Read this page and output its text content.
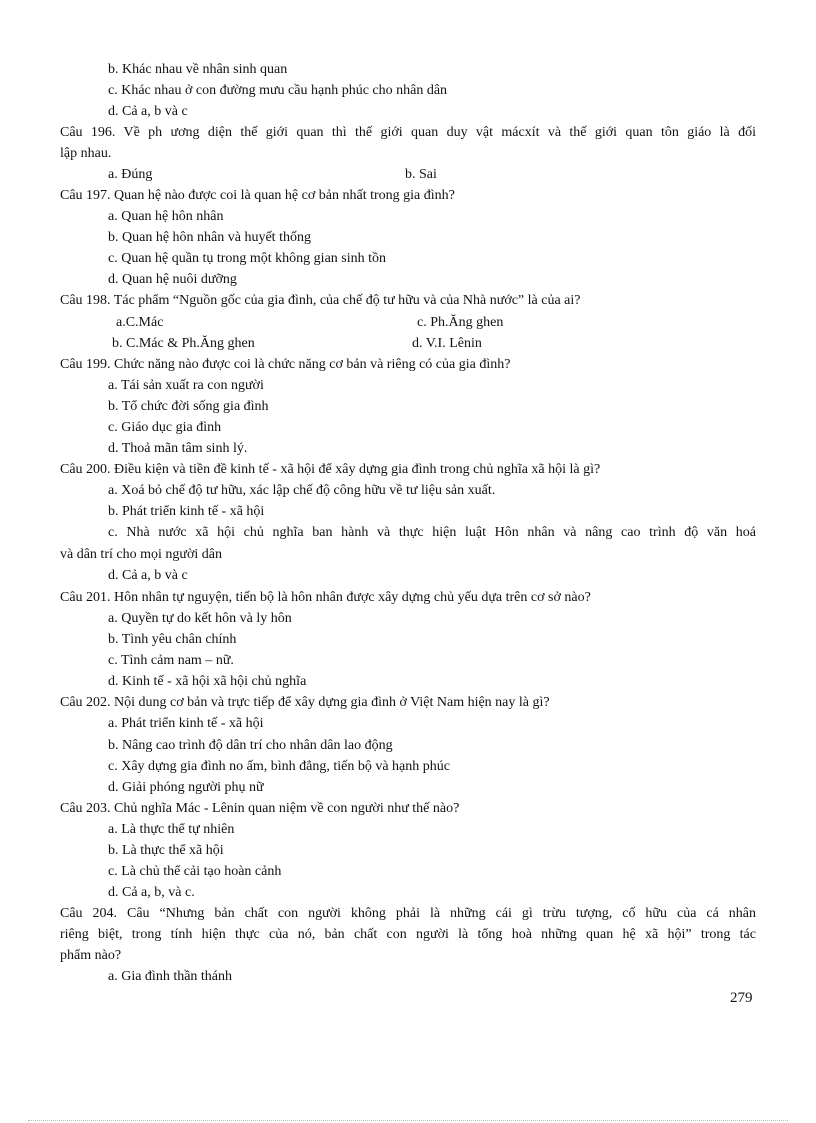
b. Khác nhau về nhân sinh quan
c. Khác nhau ở con đường mưu cầu hạnh phúc cho nhân dân
d. Cả a, b và c
Câu 196. Về ph ương diện thế giới quan thì thế giới quan duy vật mácxít và thế giới quan tôn giáo là đối
lập nhau.
a. Đúng	b. Sai
Câu 197. Quan hệ nào được coi là quan hệ cơ bản nhất trong gia đình?
a. Quan hệ hôn nhân
b. Quan hệ hôn nhân và huyết thống
c. Quan hệ quần tụ trong một không gian sinh tồn
d. Quan hệ nuôi dưỡng
Câu 198. Tác phẩm “Nguồn gốc của gia đình, của chế độ tư hữu và của Nhà nước” là của ai?
a.C.Mác	c. Ph.Ăng ghen
b. C.Mác & Ph.Ăng ghen	d. V.I. Lênin
Câu 199. Chức năng nào được coi là chức năng cơ bản và riêng có của gia đình?
a. Tái sản xuất ra con người
b. Tổ chức đời sống gia đình
c. Giáo dục gia đình
d. Thoả mãn tâm sinh lý.
Câu 200. Điều kiện và tiền đề kinh tế - xã hội để xây dựng gia đình trong chủ nghĩa xã hội là gì?
a. Xoá bỏ chế độ tư hữu, xác lập chế độ công hữu về tư liệu sản xuất.
b. Phát triển kinh tế - xã hội
c. Nhà nước xã hội chủ nghĩa ban hành và thực hiện luật Hôn nhân và nâng cao trình độ văn hoá
và dân trí cho mọi người dân
d. Cả a, b và c
Câu 201. Hôn nhân tự nguyện, tiến bộ là hôn nhân được xây dựng chủ yếu dựa trên cơ sở nào?
a. Quyền tự do kết hôn và ly hôn
b. Tình yêu chân chính
c. Tình cảm nam – nữ.
d. Kinh tế - xã hội xã hội chủ nghĩa
Câu 202. Nội dung cơ bản và trực tiếp để xây dựng gia đình ở Việt Nam hiện nay là gì?
a. Phát triển kinh tế - xã hội
b. Nâng cao trình độ dân trí cho nhân dân lao động
c. Xây dựng gia đình no ấm, bình đẳng, tiến bộ và hạnh phúc
d. Giải phóng người phụ nữ
Câu 203. Chủ nghĩa Mác - Lênin quan niệm về con người như thế nào?
a. Là thực thể tự nhiên
b. Là thực thể xã hội
c. Là chủ thể cải tạo hoàn cảnh
d. Cả a, b, và c.
Câu 204. Câu “Nhưng bản chất con người không phải là những cái gì trừu tượng, cố hữu của cá nhân
riêng biệt, trong tính hiện thực của nó, bản chất con người là tổng hoà những quan hệ xã hội” trong tác
phẩm nào?
a. Gia đình thần thánh
279
